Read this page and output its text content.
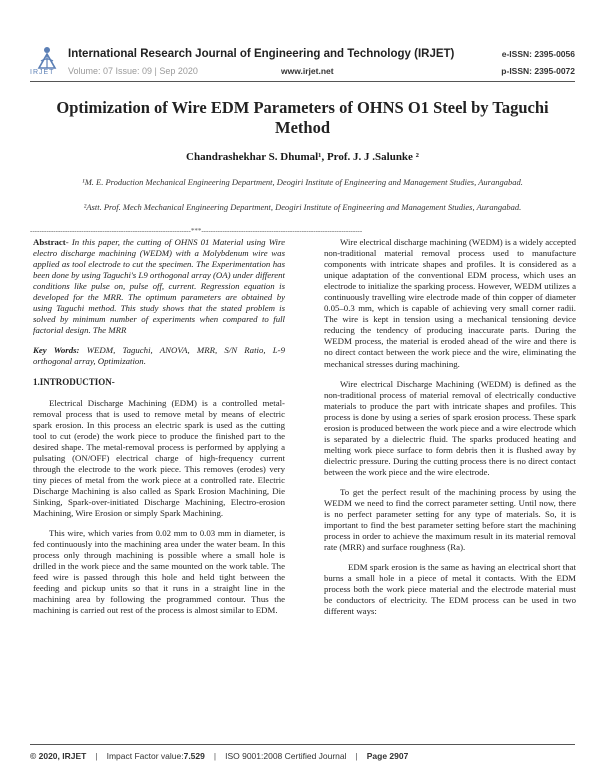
IRJET
International Research Journal of Engineering and Technology (IRJET)
Volume: 07 Issue: 09 | Sep 2020	www.irjet.net
e-ISSN: 2395-0056
p-ISSN: 2395-0072
Optimization of Wire EDM Parameters of OHNS O1 Steel by Taguchi Method
Chandrashekhar S. Dhumal¹, Prof. J. J .Salunke ²
¹M. E. Production Mechanical Engineering Department, Deogiri Institute of Engineering and Management Studies, Aurangabad.
²Astt. Prof. Mech Mechanical Engineering Department, Deogiri Institute of Engineering and Management Studies, Aurangabad.
---------------------------------------------------------------------***---------------------------------------------------------------------

Abstract- In this paper, the cutting of OHNS 01 Material using Wire electro discharge machining (WEDM) with a Molybdenum wire was applied as tool electrode to cut the specimen. The Experimentation has been done by using Taguchi's L9 orthogonal array (OA) under different conditions like pulse on, pulse off, current. Regression equation is developed for the MRR. The optimum parameters are obtained by using Taguchi method. This study shows that the stated problem is solved by minimum number of experiments when compared to full factorial design. The MRR

Key Words: WEDM, Taguchi, ANOVA, MRR, S/N Ratio, L-9 orthogonal array, Optimization.

1.INTRODUCTION-

Electrical Discharge Machining (EDM) is a controlled metal-removal process that is used to remove metal by means of electric spark erosion. In this process an electric spark is used as the cutting tool to cut (erode) the work piece to produce the finished part to the desired shape. The metal-removal process is performed by applying a pulsating (ON/OFF) electrical charge of high-frequency current through the electrode to the work piece. This removes (erodes) very tiny pieces of metal from the work piece at a controlled rate. Electric Discharge Machining is also called as Spark Erosion Machining, Die Sinking, Spark-over-initiated Discharge Machining, Electro-erosion Machining, Wire Erosion or simply Spark Machining.

This wire, which varies from 0.02 mm to 0.03 mm in diameter, is fed continuously into the machining area under the water beam. In this process only through machining is possible where a small hole is drilled in the work piece and the same mounted on the work table. The feed wire is passed through this hole and held tight between the feeding and pickup units so that it runs in a straight line in the machining area by following the programmed contour. Thus the machining is carried out rest of the process is almost similar to EDM.

Wire electrical discharge machining (WEDM) is a widely accepted non-traditional material removal process used to manufacture components with intricate shapes and profiles. It is considered as a unique adaptation of the conventional EDM process, which uses an electrode to initialize the sparking process. However, WEDM utilizes a continuously travelling wire electrode made of thin copper of diameter 0.05–0.3 mm, which is capable of achieving very small corner radii. The wire is kept in tension using a mechanical tensioning device reducing the tendency of producing inaccurate parts. During the WEDM process, the material is eroded ahead of the wire and there is no direct contact between the work piece and the wire, eliminating the mechanical stresses during machining.

Wire electrical Discharge Machining (WEDM) is defined as the non-traditional process of material removal of electrically conductive materials to produce the part with intricate shapes and profiles. This process is done by using a series of spark erosion process. These spark erosion is produced between the work piece and a wire electrode which is separated by a dielectric fluid. The sparks produced heating and melting work piece surface to form debris then it is flushed away by dielectric pressure. During the cutting process there is no direct contact between the work piece and the wire electrode.

To get the perfect result of the machining process by using the WEDM we need to find the correct parameter setting. Until now, there is no perfect parameter setting for any type of materials. So, it is important to find the best parameter setting before start the machining process in order to achieve the maximum result in its material removal rate (MRR) and surface roughness (Ra).

EDM spark erosion is the same as having an electrical short that burns a small hole in a piece of metal it contacts. With the EDM process both the work piece material and the electrode material must be conductors of electricity. The EDM process can be used in two different ways:

© 2020, IRJET | Impact Factor value:7.529 | ISO 9001:2008 Certified Journal | Page 2907
